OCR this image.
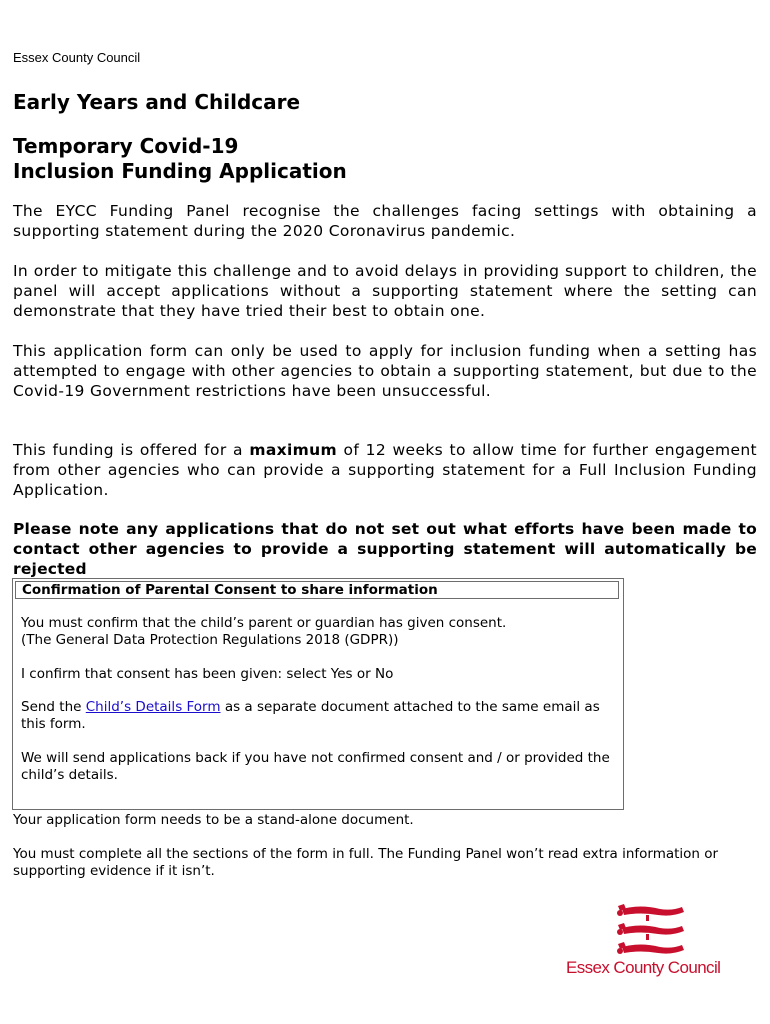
Essex County Council
Early Years and Childcare
Temporary Covid-19
Inclusion Funding Application

The EYCC Funding Panel recognise the challenges facing settings with obtaining a supporting statement during the 2020 Coronavirus pandemic.

In order to mitigate this challenge and to avoid delays in providing support to children, the panel will accept applications without a supporting statement where the setting can demonstrate that they have tried their best to obtain one.

This application form can only be used to apply for inclusion funding when a setting has attempted to engage with other agencies to obtain a supporting statement, but due to the Covid-19 Government restrictions have been unsuccessful.

This funding is offered for a maximum of 12 weeks to allow time for further engagement from other agencies who can provide a supporting statement for a Full Inclusion Funding Application.

Please note any applications that do not set out what efforts have been made to contact other agencies to provide a supporting statement will automatically be rejected

Confirmation of Parental Consent to share information

You must confirm that the child’s parent or guardian has given consent.
(The General Data Protection Regulations 2018 (GDPR))

I confirm that consent has been given: select Yes or No

Send the Child’s Details Form as a separate document attached to the same email as this form.

We will send applications back if you have not confirmed consent and / or provided the child’s details.

Your application form needs to be a stand-alone document.

You must complete all the sections of the form in full. The Funding Panel won’t read extra information or supporting evidence if it isn’t.

Essex County Council
